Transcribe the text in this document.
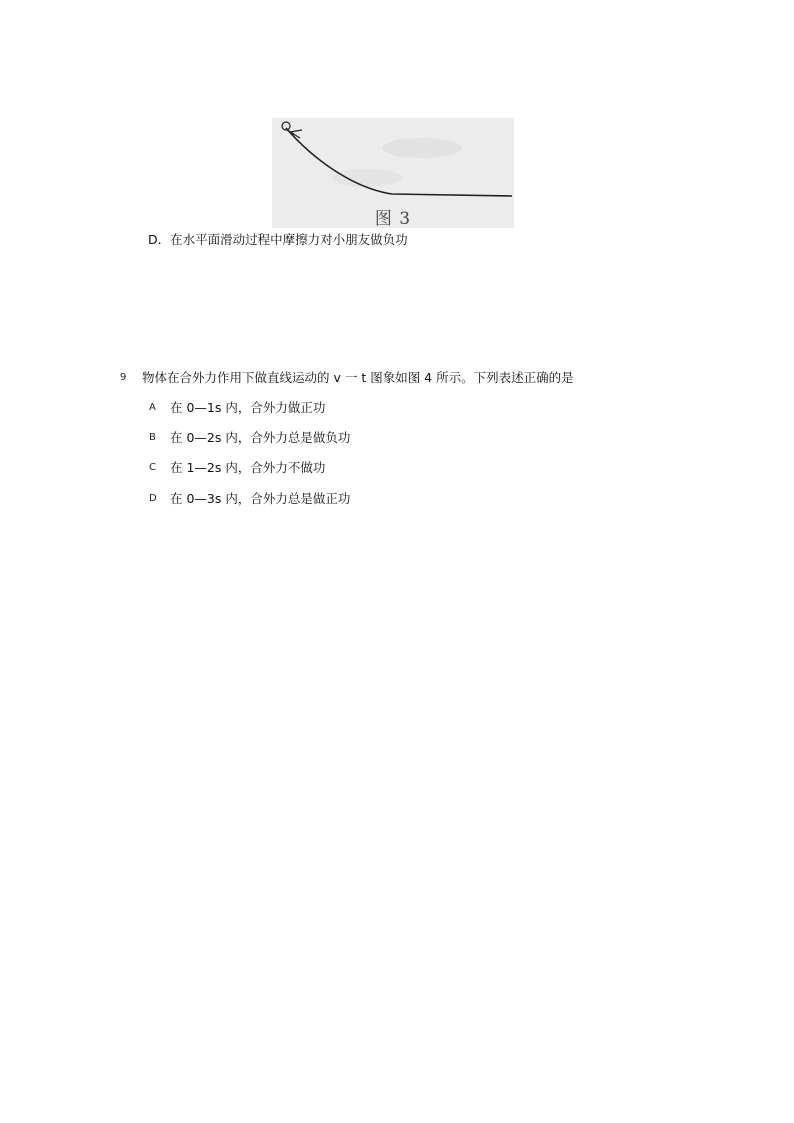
图 3
D．在水平面滑动过程中摩擦力对小朋友做负功
9 物体在合外力作用下做直线运动的 v 一 t 图象如图 4 所示。下列表述正确的是
A 在 0—1s 内，合外力做正功
B 在 0—2s 内，合外力总是做负功
C 在 1—2s 内，合外力不做功
D 在 0—3s 内，合外力总是做正功
